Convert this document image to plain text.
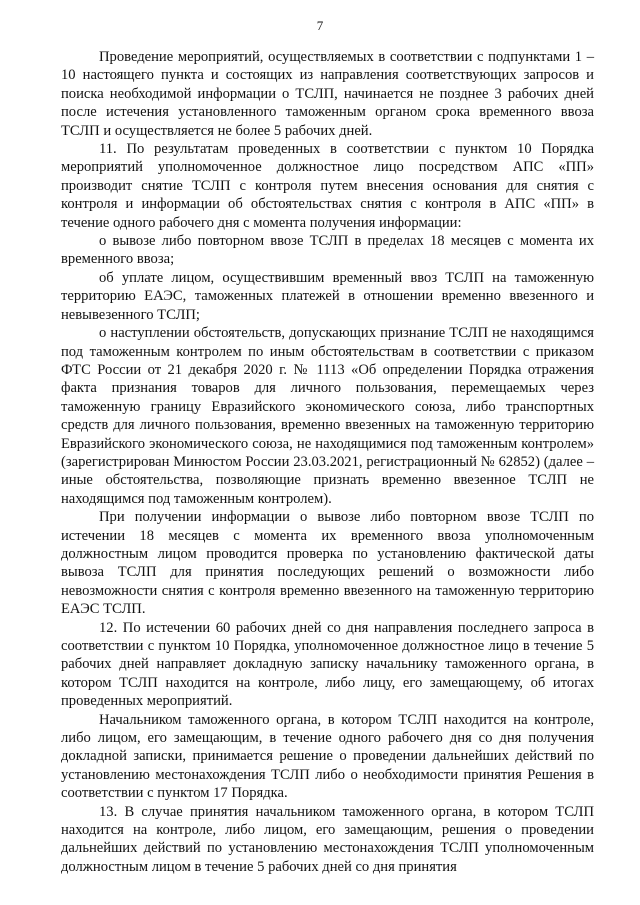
7

Проведение мероприятий, осуществляемых в соответствии с подпунктами 1 – 10 настоящего пункта и состоящих из направления соответствующих запросов и поиска необходимой информации о ТСЛП, начинается не позднее 3 рабочих дней после истечения установленного таможенным органом срока временного ввоза ТСЛП и осуществляется не более 5 рабочих дней.

11. По результатам проведенных в соответствии с пунктом 10 Порядка мероприятий уполномоченное должностное лицо посредством АПС «ПП» производит снятие ТСЛП с контроля путем внесения основания для снятия с контроля и информации об обстоятельствах снятия с контроля в АПС «ПП» в течение одного рабочего дня с момента получения информации:

о вывозе либо повторном ввозе ТСЛП в пределах 18 месяцев с момента их временного ввоза;

об уплате лицом, осуществившим временный ввоз ТСЛП на таможенную территорию ЕАЭС, таможенных платежей в отношении временно ввезенного и невывезенного ТСЛП;

о наступлении обстоятельств, допускающих признание ТСЛП не находящимся под таможенным контролем по иным обстоятельствам в соответствии с приказом ФТС России от 21 декабря 2020 г. № 1113 «Об определении Порядка отражения факта признания товаров для личного пользования, перемещаемых через таможенную границу Евразийского экономического союза, либо транспортных средств для личного пользования, временно ввезенных на таможенную территорию Евразийского экономического союза, не находящимися под таможенным контролем» (зарегистрирован Минюстом России 23.03.2021, регистрационный № 62852) (далее – иные обстоятельства, позволяющие признать временно ввезенное ТСЛП не находящимся под таможенным контролем).

При получении информации о вывозе либо повторном ввозе ТСЛП по истечении 18 месяцев с момента их временного ввоза уполномоченным должностным лицом проводится проверка по установлению фактической даты вывоза ТСЛП для принятия последующих решений о возможности либо невозможности снятия с контроля временно ввезенного на таможенную территорию ЕАЭС ТСЛП.

12. По истечении 60 рабочих дней со дня направления последнего запроса в соответствии с пунктом 10 Порядка, уполномоченное должностное лицо в течение 5 рабочих дней направляет докладную записку начальнику таможенного органа, в котором ТСЛП находится на контроле, либо лицу, его замещающему, об итогах проведенных мероприятий.

Начальником таможенного органа, в котором ТСЛП находится на контроле, либо лицом, его замещающим, в течение одного рабочего дня со дня получения докладной записки, принимается решение о проведении дальнейших действий по установлению местонахождения ТСЛП либо о необходимости принятия Решения в соответствии с пунктом 17 Порядка.

13. В случае принятия начальником таможенного органа, в котором ТСЛП находится на контроле, либо лицом, его замещающим, решения о проведении дальнейших действий по установлению местонахождения ТСЛП уполномоченным должностным лицом в течение 5 рабочих дней со дня принятия
